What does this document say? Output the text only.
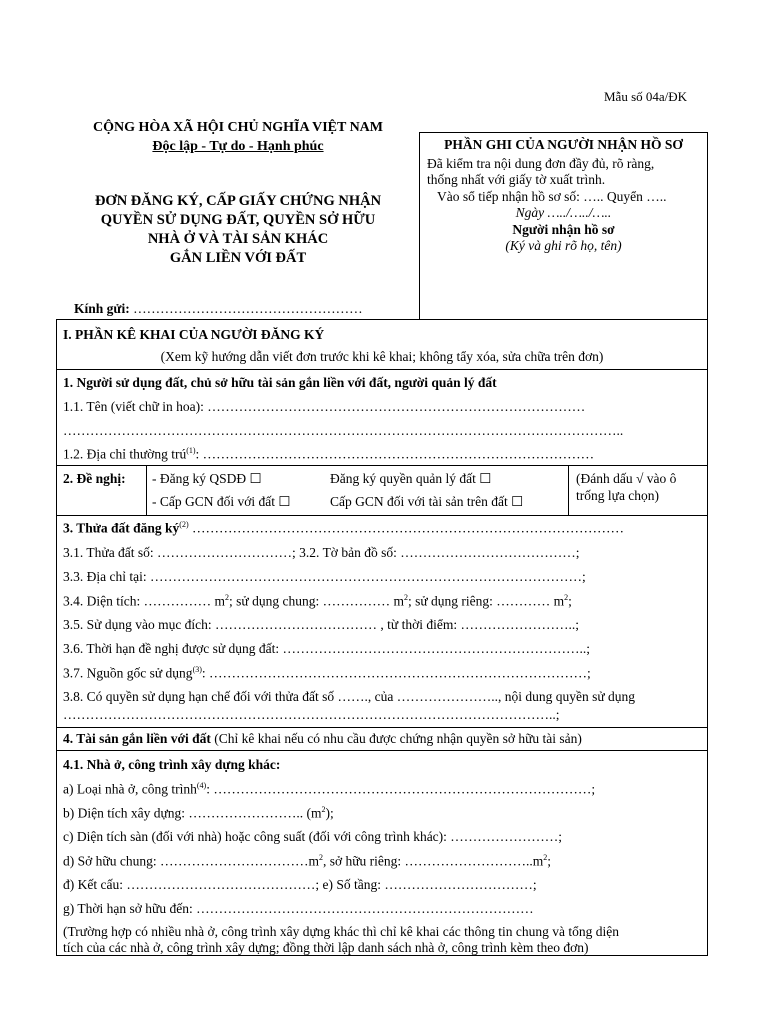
Mẫu số 04a/ĐK
CỘNG HÒA XÃ HỘI CHỦ NGHĨA VIỆT NAM
Độc lập - Tự do - Hạnh phúc
ĐƠN ĐĂNG KÝ, CẤP GIẤY CHỨNG NHẬN
QUYỀN SỬ DỤNG ĐẤT, QUYỀN SỞ HỮU
NHÀ Ở VÀ TÀI SẢN KHÁC
GẮN LIỀN VỚI ĐẤT
Kính gửi: ……………………………………………
PHẦN GHI CỦA NGƯỜI NHẬN HỒ SƠ
Đã kiểm tra nội dung đơn đầy đủ, rõ ràng,
thống nhất với giấy tờ xuất trình.
Vào sổ tiếp nhận hồ sơ số: ….. Quyển …..
Ngày …../…../…..
Người nhận hồ sơ
(Ký và ghi rõ họ, tên)
I. PHẦN KÊ KHAI CỦA NGƯỜI ĐĂNG KÝ
(Xem kỹ hướng dẫn viết đơn trước khi kê khai; không tẩy xóa, sửa chữa trên đơn)
1. Người sử dụng đất, chủ sở hữu tài sản gắn liền với đất, người quản lý đất
1.1. Tên (viết chữ in hoa): …………………………………………………………………………
……………………………………………………………………………………………………………..
1.2. Địa chỉ thường trú$^{(1)}$: ……………………………………………………………………………
2. Đề nghị: - Đăng ký QSDĐ ☐	Đăng ký quyền quản lý đất ☐
- Cấp GCN đối với đất ☐	Cấp GCN đối với tài sản trên đất ☐
(Đánh dấu √ vào ô
trống lựa chọn)
3. Thửa đất đăng $ký^{(2)}$ ……………………………………………………………………………………
3.1. Thửa đất số: …………………………; 3.2. Tờ bản đồ số: …………………………………;
3.3. Địa chỉ tại: ……………………………………………………………………………………;
3.4. Diện tích: …………… $m^2$; sử dụng chung: …………… $m^2$; sử dụng riêng: ………… $m^2$;
3.5. Sử dụng vào mục đích: ……………………………… , từ thời điểm: ……………………..;
3.6. Thời hạn đề nghị được sử dụng đất: …………………………………………………………..;
3.7. Nguồn gốc sử dụng$^{(3)}$: …………………………………………………………………………;
3.8. Có quyền sử dụng hạn chế đối với thửa đất số ……., của ………………….., nội dung quyền sử dụng
………………………………………………………………………………………………..;
4. Tài sản gắn liền với đất (Chỉ kê khai nếu có nhu cầu được chứng nhận quyền sở hữu tài sản)
4.1. Nhà ở, công trình xây dựng khác:
a) Loại nhà ở, công trình$^{(4)}$: …………………………………………………………………………;
b) Diện tích xây dựng: …………………….. $(m^2)$;
c) Diện tích sàn (đối với nhà) hoặc công suất (đối với công trình khác): ……………………;
d) Sở hữu chung: $\dots\dots\dots\dots\dots\dots\dots\dots\dots\dots\dots m^2$, sở hữu riêng: $\dots\dots\dots\dots\dots\dots\dots\dots\dots..m^2$;
đ) Kết cấu: ……………………………………; e) Số tầng: ……………………………;
g) Thời hạn sở hữu đến: …………………………………………………………………
(Trường hợp có nhiều nhà ở, công trình xây dựng khác thì chỉ kê khai các thông tin chung và tổng diện
tích của các nhà ở, công trình xây dựng; đồng thời lập danh sách nhà ở, công trình kèm theo đơn)
